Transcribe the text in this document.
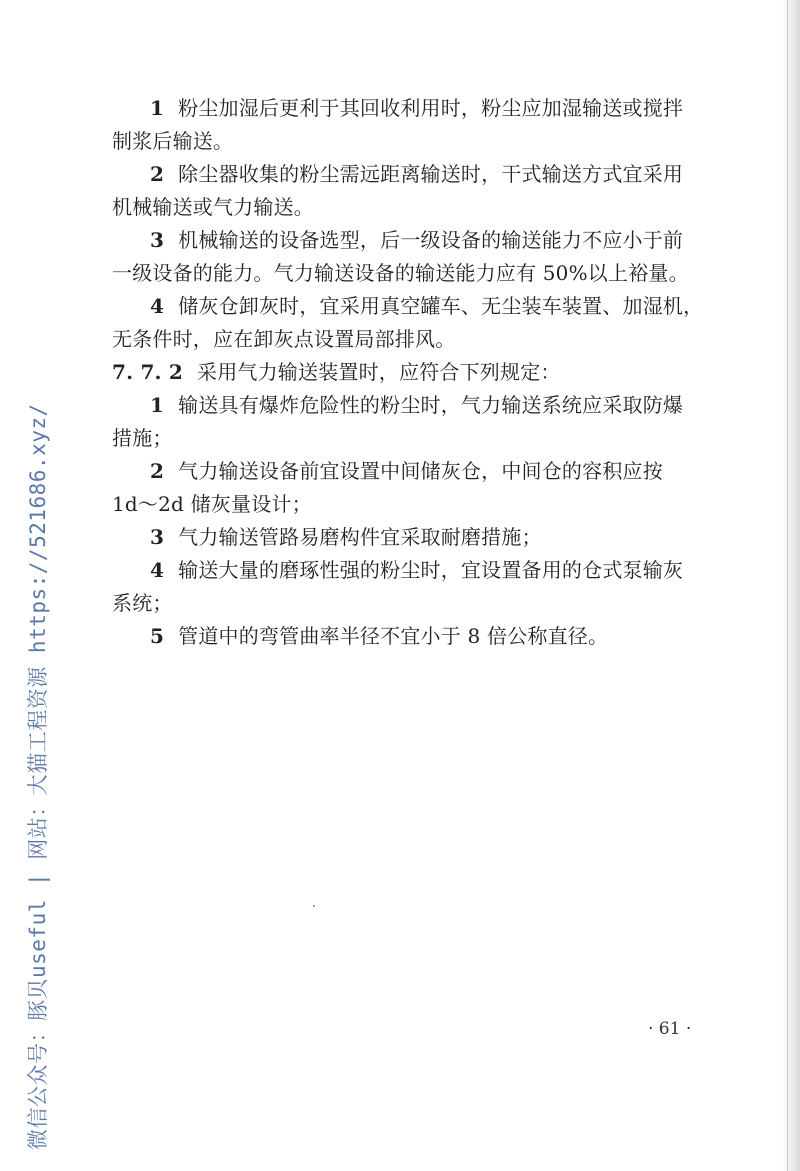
1 粉尘加湿后更利于其回收利用时，粉尘应加湿输送或搅拌

制浆后输送。

2 除尘器收集的粉尘需远距离输送时，干式输送方式宜采用

机械输送或气力输送。

3 机械输送的设备选型，后一级设备的输送能力不应小于前

一级设备的能力。气力输送设备的输送能力应有 50%以上裕量。

4 储灰仓卸灰时，宜采用真空罐车、无尘装车装置、加湿机，

无条件时，应在卸灰点设置局部排风。

7. 7. 2 采用气力输送装置时，应符合下列规定：

1 输送具有爆炸危险性的粉尘时，气力输送系统应采取防爆

措施；

2 气力输送设备前宜设置中间储灰仓，中间仓的容积应按

1d～2d 储灰量设计；

3 气力输送管路易磨构件宜采取耐磨措施；

4 输送大量的磨琢性强的粉尘时，宜设置备用的仓式泵输灰

系统；

5 管道中的弯管曲率半径不宜小于 8 倍公称直径。

微信公众号：豚贝useful | 网站：大猫工程资源 https://521686.xyz/	· 61 ·
